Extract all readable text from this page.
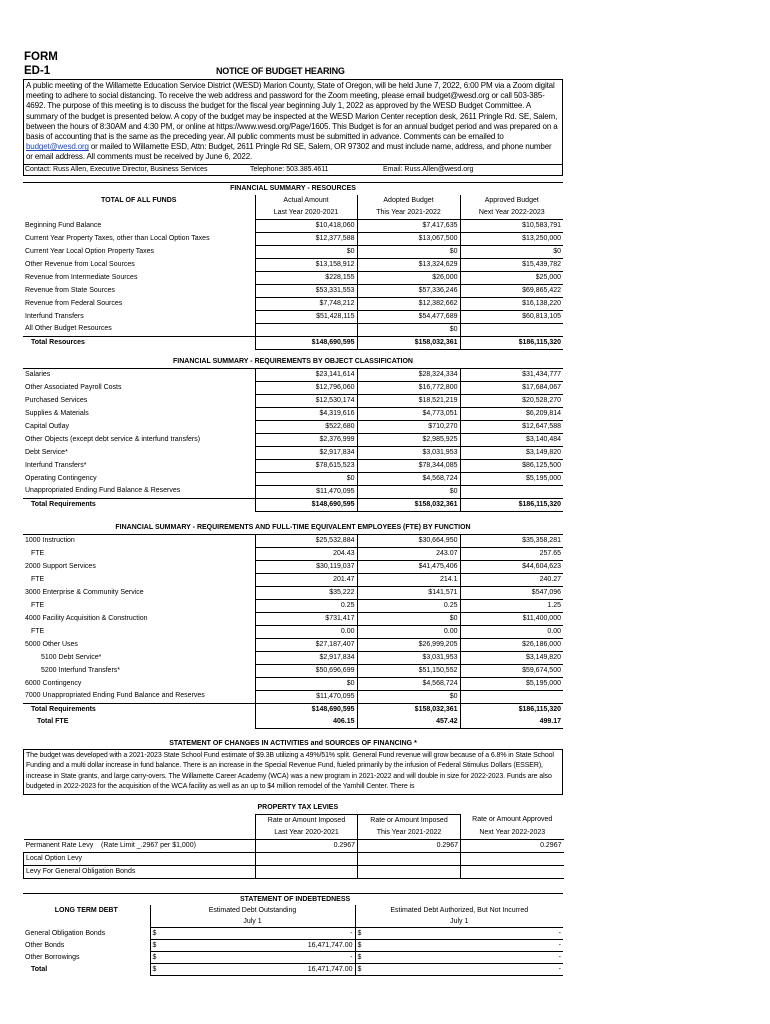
FORM
ED-1	NOTICE OF BUDGET HEARING
A public meeting of the Willamette Education Service District (WESD) Marion County, State of Oregon, will be held June 7, 2022, 6:00 PM via a Zoom digital meeting to adhere to social distancing. To receive the web address and password for the Zoom meeting, please email budget@wesd.org or call 503-385-4692. The purpose of this meeting is to discuss the budget for the fiscal year beginning July 1, 2022 as approved by the WESD Budget Committee. A summary of the budget is presented below. A copy of the budget may be inspected at the WESD Marion Center reception desk, 2611 Pringle Rd. SE, Salem, between the hours of 8:30AM and 4:30 PM, or online at https://www.wesd.org/Page/1605. This Budget is for an annual budget period and was prepared on a basis of accounting that is the same as the preceding year. All public comments must be submitted in advance. Comments can be emailed to budget@wesd.org or mailed to Willamette ESD, Attn: Budget, 2611 Pringle Rd SE, Salem, OR 97302 and must include name, address, and phone number or email address. All comments must be received by June 6, 2022.
Contact: Russ Allen, Executive Director, Business Services	Telephone: 503.385.4611	Email: Russ.Allen@wesd.org
FINANCIAL SUMMARY - RESOURCES			
TOTAL OF ALL FUNDS	Actual Amount	Adopted Budget	Approved Budget
	Last Year 2020-2021	This Year 2021-2022	Next Year 2022-2023
Beginning Fund Balance	$10,418,060	$7,417,635	$10,583,791
Current Year Property Taxes, other than Local Option Taxes	$12,377,588	$13,067,500	$13,250,000
Current Year Local Option Property Taxes	$0	$0	$0
Other Revenue from Local Sources	$13,158,912	$13,324,629	$15,439,782
Revenue from Intermediate Sources	$228,155	$26,000	$25,000
Revenue from State Sources	$53,331,553	$57,336,246	$69,865,422
Revenue from Federal Sources	$7,748,212	$12,382,662	$16,138,220
Interfund Transfers	$51,428,115	$54,477,689	$60,813,105
All Other Budget Resources		$0	
Total Resources	$148,690,595	$158,032,361	$186,115,320
FINANCIAL SUMMARY - REQUIREMENTS BY OBJECT CLASSIFICATION			
Salaries	$23,141,614	$28,324,334	$31,434,777
Other Associated Payroll Costs	$12,796,060	$16,772,800	$17,684,067
Purchased Services	$12,530,174	$18,521,219	$20,528,270
Supplies & Materials	$4,319,616	$4,773,051	$6,209,814
Capital Outlay	$522,680	$710,270	$12,647,588
Other Objects (except debt service & interfund transfers)	$2,376,999	$2,985,925	$3,140,484
Debt Service*	$2,917,834	$3,031,953	$3,149,820
Interfund Transfers*	$78,615,523	$78,344,085	$86,125,500
Operating Contingency	$0	$4,568,724	$5,195,000
Unappropriated Ending Fund Balance & Reserves	$11,470,095	$0	
Total Requirements	$148,690,595	$158,032,361	$186,115,320
FINANCIAL SUMMARY - REQUIREMENTS AND FULL-TIME EQUIVALENT EMPLOYEES (FTE) BY FUNCTION			
1000 Instruction	$25,532,884	$30,664,950	$35,358,281
FTE	204.43	243.07	257.65
2000 Support Services	$30,119,037	$41,475,406	$44,604,623
FTE	201.47	214.1	240.27
3000 Enterprise & Community Service	$35,222	$141,571	$547,096
FTE	0.25	0.25	1.25
4000 Facility Acquisition & Construction	$731,417	$0	$11,400,000
FTE	0.00	0.00	0.00
5000 Other Uses	$27,187,407	$26,999,205	$26,186,000
5100 Debt Service*	$2,917,834	$3,031,953	$3,149,820
5200 Interfund Transfers*	$50,696,699	$51,150,552	$59,674,500
6000 Contingency	$0	$4,568,724	$5,195,000
7000 Unappropriated Ending Fund Balance and Reserves	$11,470,095	$0	
Total Requirements	$148,690,595	$158,032,361	$186,115,320
Total FTE	406.15	457.42	499.17
STATEMENT OF CHANGES IN ACTIVITIES and SOURCES OF FINANCING *
The budget was developed with a 2021-2023 State School Fund estimate of $9.3B utilizing a 49%/51% split. General Fund revenue will grow because of a 6.8% in State School Funding and a multi dollar increase in fund balance. There is an increase in the Special Revenue Fund, fueled primarily by the infusion of Federal Stimulus Dollars (ESSER), increase in State grants, and large carry-overs. The Willamette Career Academy (WCA) was a new program in 2021-2022 and will double in size for 2022-2023. Funds are also budgeted in 2022-2023 for the acquisition of the WCA facility as well as an up to $4 million remodel of the Yamhill Center. There is
	PROPERTY TAX LEVIES		
	Rate or Amount Imposed	Rate or Amount Imposed	Rate or Amount Approved
	Last Year 2020-2021	This Year 2021-2022	Next Year 2022-2023
Permanent Rate Levy (Rate Limit _.2967 per $1,000)	0.2967	0.2967	0.2967
Local Option Levy			
Levy For General Obligation Bonds			
	STATEMENT OF INDEBTEDNESS	
LONG TERM DEBT	Estimated Debt Outstanding	Estimated Debt Authorized, But Not Incurred
	July 1	July 1
General Obligation Bonds	$ -	$ -

Other Bonds	$ 16,471,747.00	$ -

Other Borrowings	$ -	$ -

Total	$ 16,471,747.00	$ -
